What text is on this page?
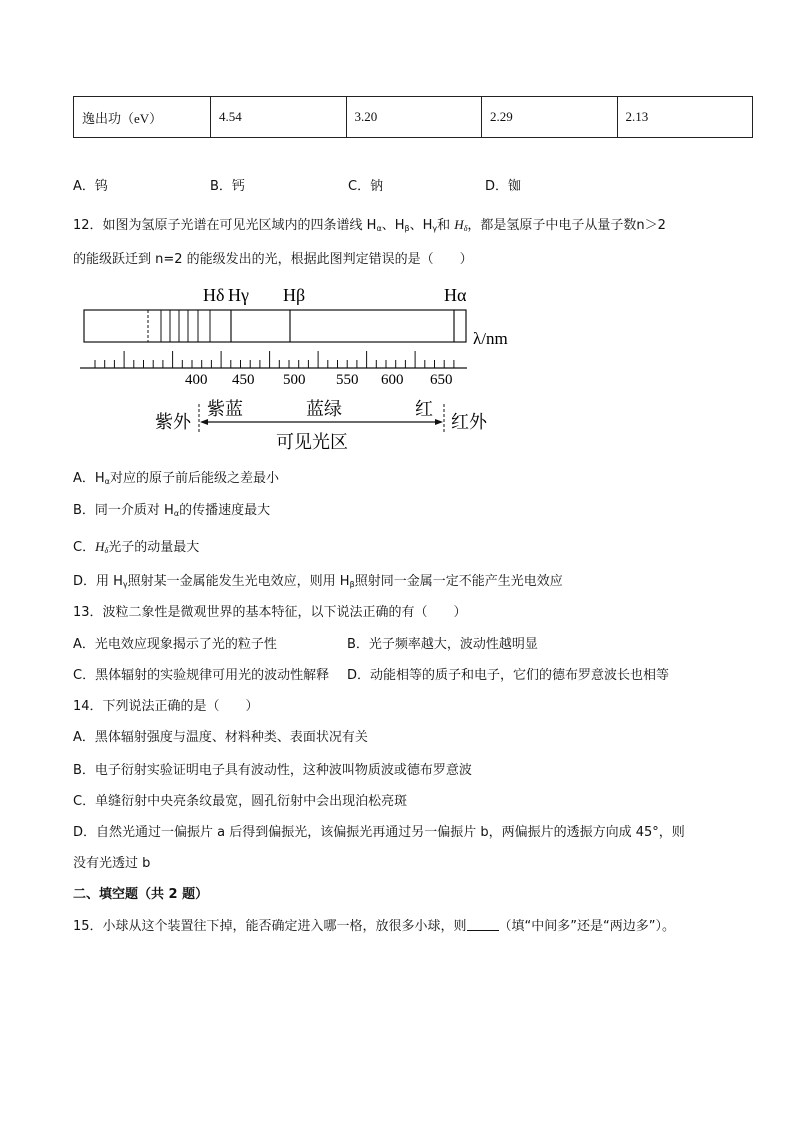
逸出功（eV）	4.54	3.20	2.29	2.13
A．钨	B．钙	C．钠	D．铷
12．如图为氢原子光谱在可见光区域内的四条谱线 $H_\alpha$、$H_\beta$、$H_\gamma$和 $H_\delta$，都是氢原子中电子从量子数n＞2
的能级跃迁到 n=2 的能级发出的光，根据此图判定错误的是（　　）
Hδ Hγ Hβ	Hα
λ/nm
400 450 500 550 600 650
紫蓝	蓝绿	红
紫外	红外
可见光区
A．$H_\alpha$对应的原子前后能级之差最小
B．同一介质对 $H_\alpha$的传播速度最大
C．$H_\delta$光子的动量最大
D．用 $H_\gamma$照射某一金属能发生光电效应，则用 $H_\beta$照射同一金属一定不能产生光电效应
13．波粒二象性是微观世界的基本特征，以下说法正确的有（　　）
A．光电效应现象揭示了光的粒子性	B．光子频率越大，波动性越明显
C．黑体辐射的实验规律可用光的波动性解释 D．动能相等的质子和电子，它们的德布罗意波长也相等
14．下列说法正确的是（　　）
A．黑体辐射强度与温度、材料种类、表面状况有关
B．电子衍射实验证明电子具有波动性，这种波叫物质波或德布罗意波
C．单缝衍射中央亮条纹最宽，圆孔衍射中会出现泊松亮斑
D．自然光通过一偏振片 a 后得到偏振光，该偏振光再通过另一偏振片 b，两偏振片的透振方向成 45°，则
没有光透过 b
二、填空题（共 2 题）
15．小球从这个装置往下掉，能否确定进入哪一格，放很多小球，则 （填“中间多”还是“两边多”）。
